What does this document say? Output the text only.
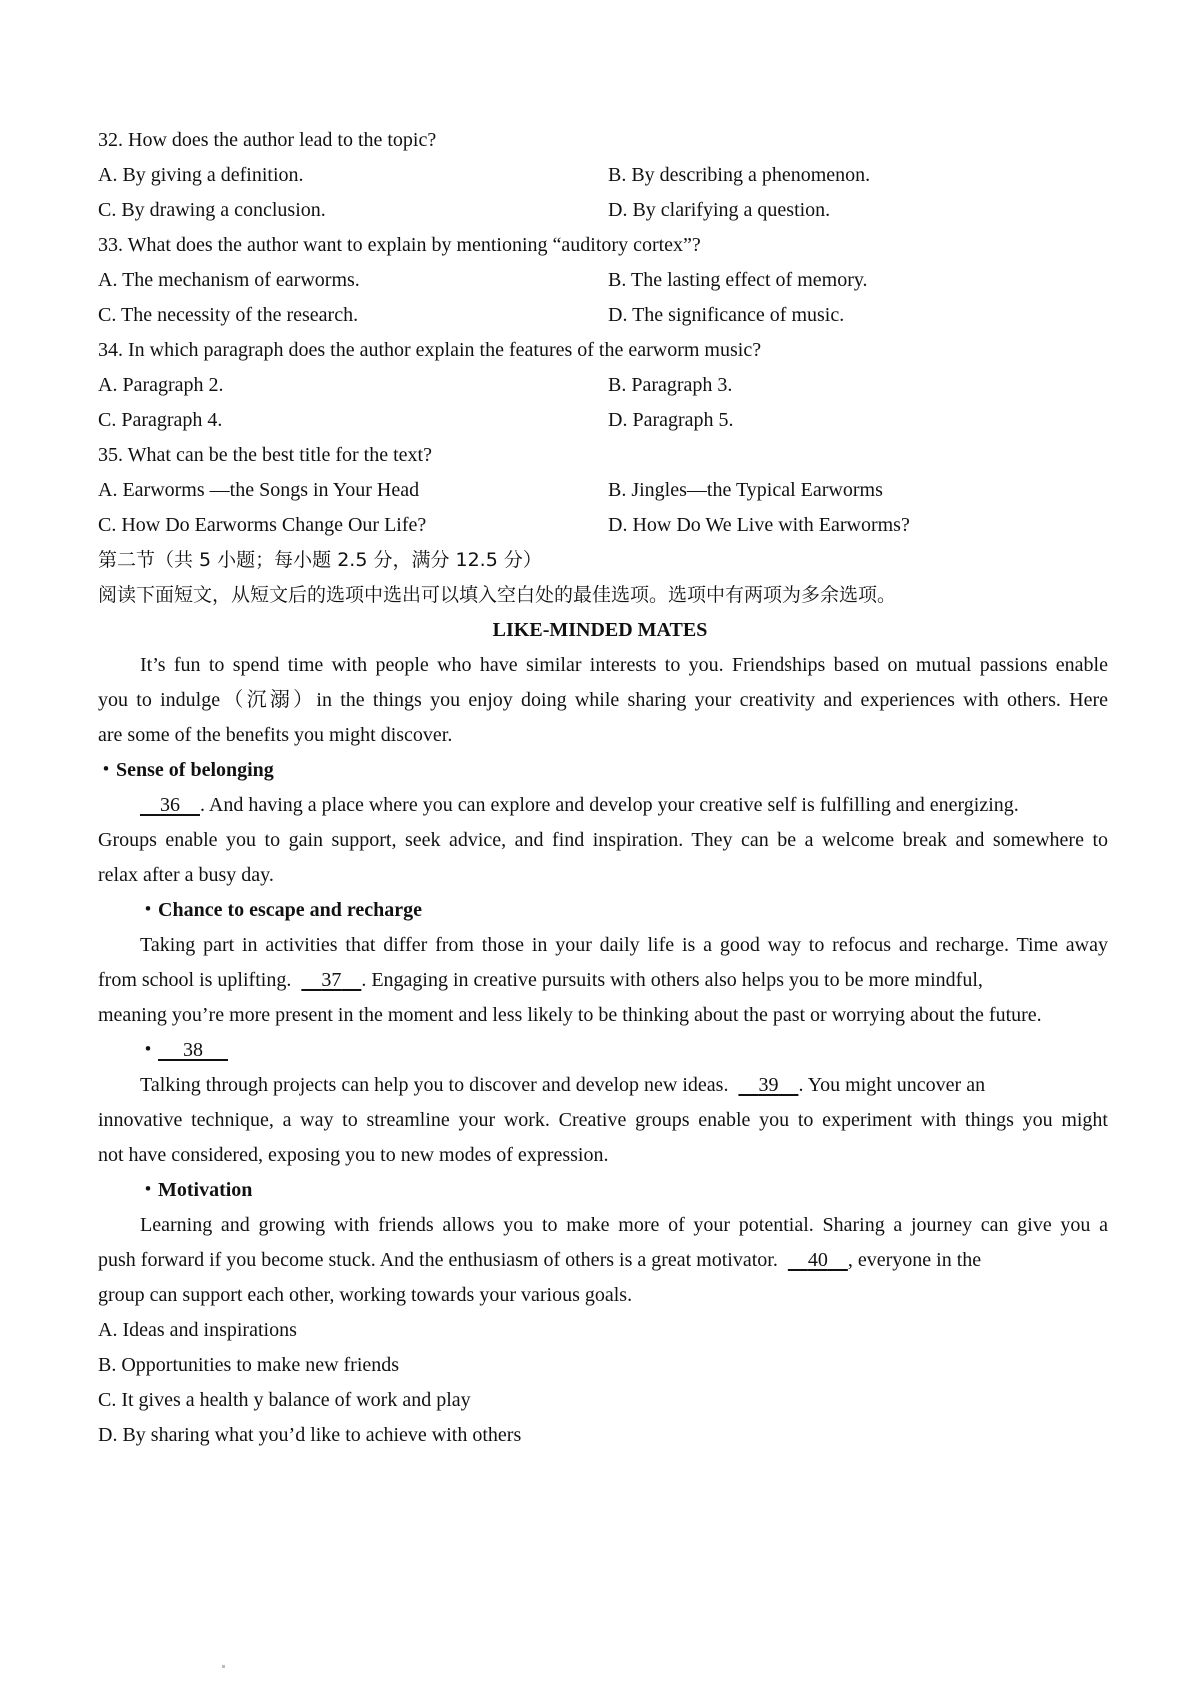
32. How does the author lead to the topic?
A. By giving a definition.	B. By describing a phenomenon.
C. By drawing a conclusion.	D. By clarifying a question.
33. What does the author want to explain by mentioning “auditory cortex”?
A. The mechanism of earworms.	B. The lasting effect of memory.
C. The necessity of the research.	D. The significance of music.
34. In which paragraph does the author explain the features of the earworm music?
A. Paragraph 2.	B. Paragraph 3.
C. Paragraph 4.	D. Paragraph 5.
35. What can be the best title for the text?
A. Earworms —the Songs in Your Head	B. Jingles—the Typical Earworms
C. How Do Earworms Change Our Life?	D. How Do We Live with Earworms?
第二节（共 5 小题；每小题 2.5 分，满分 12.5 分）
阅读下面短文，从短文后的选项中选出可以填入空白处的最佳选项。选项中有两项为多余选项。
LIKE-MINDED MATES
It’s fun to spend time with people who have similar interests to you. Friendships based on mutual passions enable
you to indulge（沉溺）in the things you enjoy doing while sharing your creativity and experiences with others. Here
are some of the benefits you might discover.
・Sense of belonging
36 . And having a place where you can explore and develop your creative self is fulfilling and energizing.
Groups enable you to gain support, seek advice, and find inspiration. They can be a welcome break and somewhere to
relax after a busy day.
・Chance to escape and recharge
Taking part in activities that differ from those in your daily life is a good way to refocus and recharge. Time away
from school is uplifting. 37 . Engaging in creative pursuits with others also helps you to be more mindful,
meaning you’re more present in the moment and less likely to be thinking about the past or worrying about the future.
・ 38
Talking through projects can help you to discover and develop new ideas. 39 . You might uncover an
innovative technique, a way to streamline your work. Creative groups enable you to experiment with things you might
not have considered, exposing you to new modes of expression.
・Motivation
Learning and growing with friends allows you to make more of your potential. Sharing a journey can give you a
push forward if you become stuck. And the enthusiasm of others is a great motivator. 40 , everyone in the
group can support each other, working towards your various goals.
A. Ideas and inspirations
B. Opportunities to make new friends
C. It gives a health y balance of work and play
D. By sharing what you’d like to achieve with others
